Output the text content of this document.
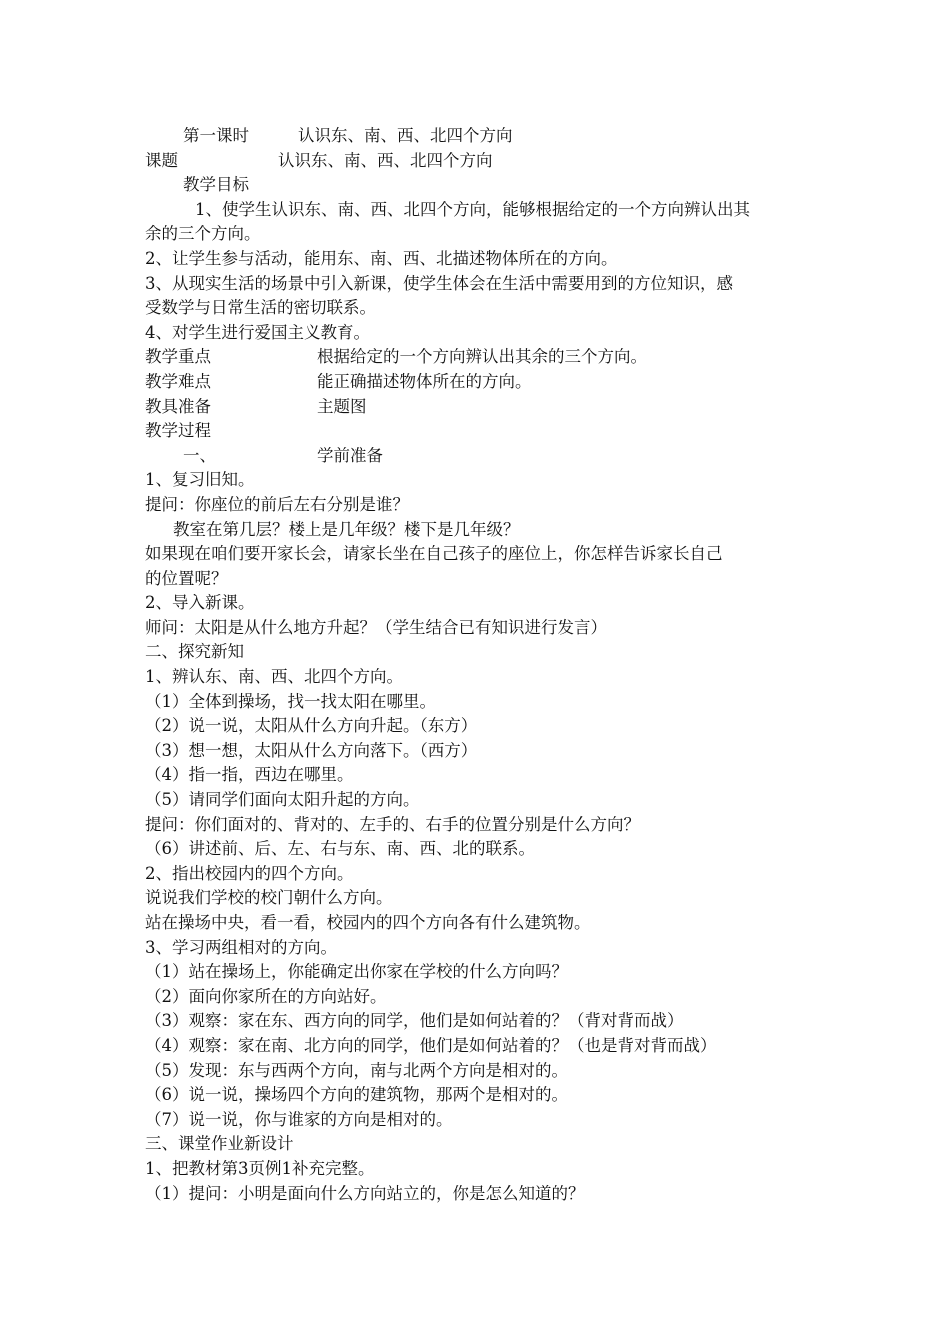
第一课时	认识东、南、西、北四个方向
课题	认识东、南、西、北四个方向
教学目标
1、使学生认识东、南、西、北四个方向，能够根据给定的一个方向辨认出其
余的三个方向。
2、让学生参与活动，能用东、南、西、北描述物体所在的方向。
3、从现实生活的场景中引入新课，使学生体会在生活中需要用到的方位知识，感
受数学与日常生活的密切联系。
4、对学生进行爱国主义教育。
教学重点	根据给定的一个方向辨认出其余的三个方向。
教学难点	能正确描述物体所在的方向。
教具准备	主题图
教学过程
一、	学前准备
1、复习旧知。
提问：你座位的前后左右分别是谁？
教室在第几层？楼上是几年级？楼下是几年级？
如果现在咱们要开家长会，请家长坐在自己孩子的座位上，你怎样告诉家长自己
的位置呢？
2、导入新课。
师问：太阳是从什么地方升起？（学生结合已有知识进行发言）
二、探究新知
1、辨认东、南、西、北四个方向。
（1）全体到操场，找一找太阳在哪里。
（2）说一说，太阳从什么方向升起。（东方）
（3）想一想，太阳从什么方向落下。（西方）
（4）指一指，西边在哪里。
（5）请同学们面向太阳升起的方向。
提问：你们面对的、背对的、左手的、右手的位置分别是什么方向？
（6）讲述前、后、左、右与东、南、西、北的联系。
2、指出校园内的四个方向。
说说我们学校的校门朝什么方向。
站在操场中央，看一看，校园内的四个方向各有什么建筑物。
3、学习两组相对的方向。
（1）站在操场上，你能确定出你家在学校的什么方向吗？
（2）面向你家所在的方向站好。
（3）观察：家在东、西方向的同学，他们是如何站着的？（背对背而战）
（4）观察：家在南、北方向的同学，他们是如何站着的？（也是背对背而战）
（5）发现：东与西两个方向，南与北两个方向是相对的。
（6）说一说，操场四个方向的建筑物，那两个是相对的。
（7）说一说，你与谁家的方向是相对的。
三、课堂作业新设计
1、把教材第3页例1补充完整。
（1）提问：小明是面向什么方向站立的，你是怎么知道的？
